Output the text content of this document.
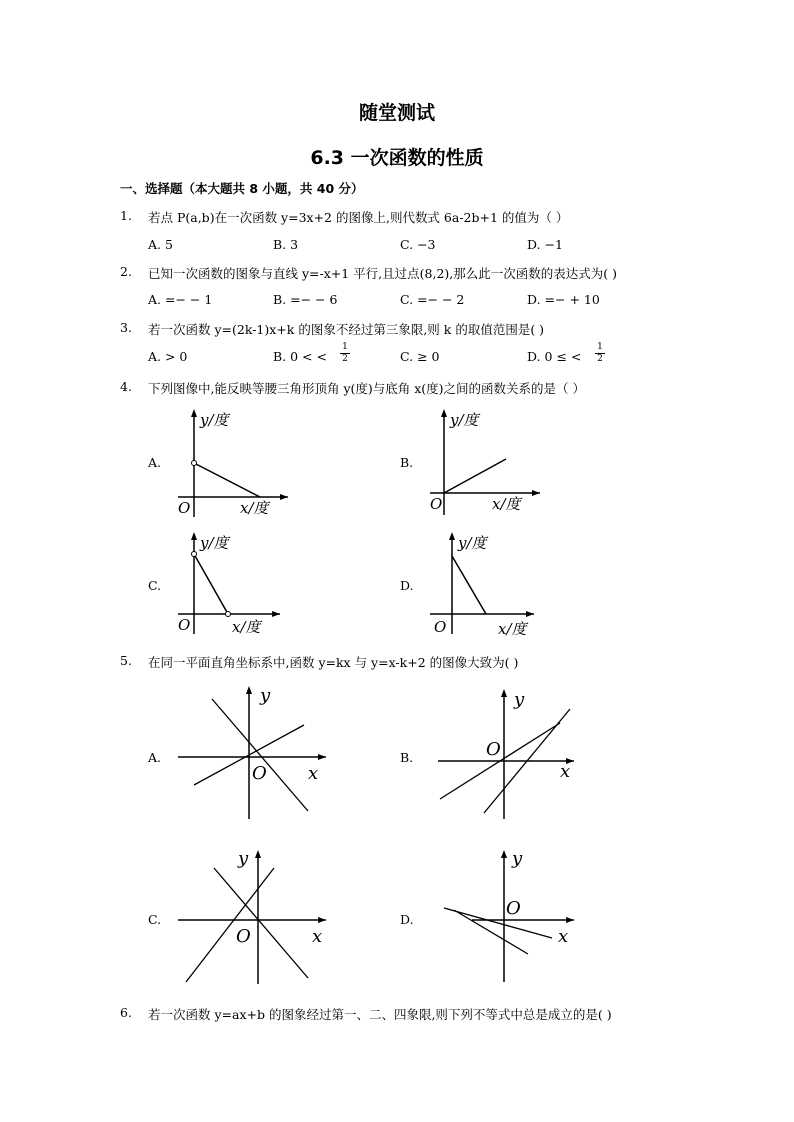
随堂测试
6.3 一次函数的性质
一、选择题（本大题共 8 小题，共 40 分）
1. 若点 P(a,b)在一次函数 y=3x+2 的图像上,则代数式 6a-2b+1 的值为（ ）
A. 5	B. 3	C. −3	D. −1
2. 已知一次函数的图象与直线 y=-x+1 平行,且过点(8,2),那么此一次函数的表达式为( )
A. =− − 1	B. =− − 6	C. =− − 2	D. =− + 10
3. 若一次函数 y=(2k-1)x+k 的图象不经过第三象限,则 k 的取值范围是( )
A. > 0	B. 0 < < $\frac{1}{2}$	C. ≥ 0	D. 0 ≤ < $\frac{1}{2}$
4. 下列图像中,能反映等腰三角形顶角 y(度)与底角 x(度)之间的函数关系的是（ ）
A.
y/度
O	x/度
B.
y/度
O	x/度
C.
y/度
O	x/度
D.
y/度
O	x/度
5. 在同一平面直角坐标系中,函数 y=kx 与 y=x-k+2 的图像大致为( )
A.
y
O x
B.
y
O
x
C.
y
O	x
D.
y
O
x
6. 若一次函数 y=ax+b 的图象经过第一、二、四象限,则下列不等式中总是成立的是( )
